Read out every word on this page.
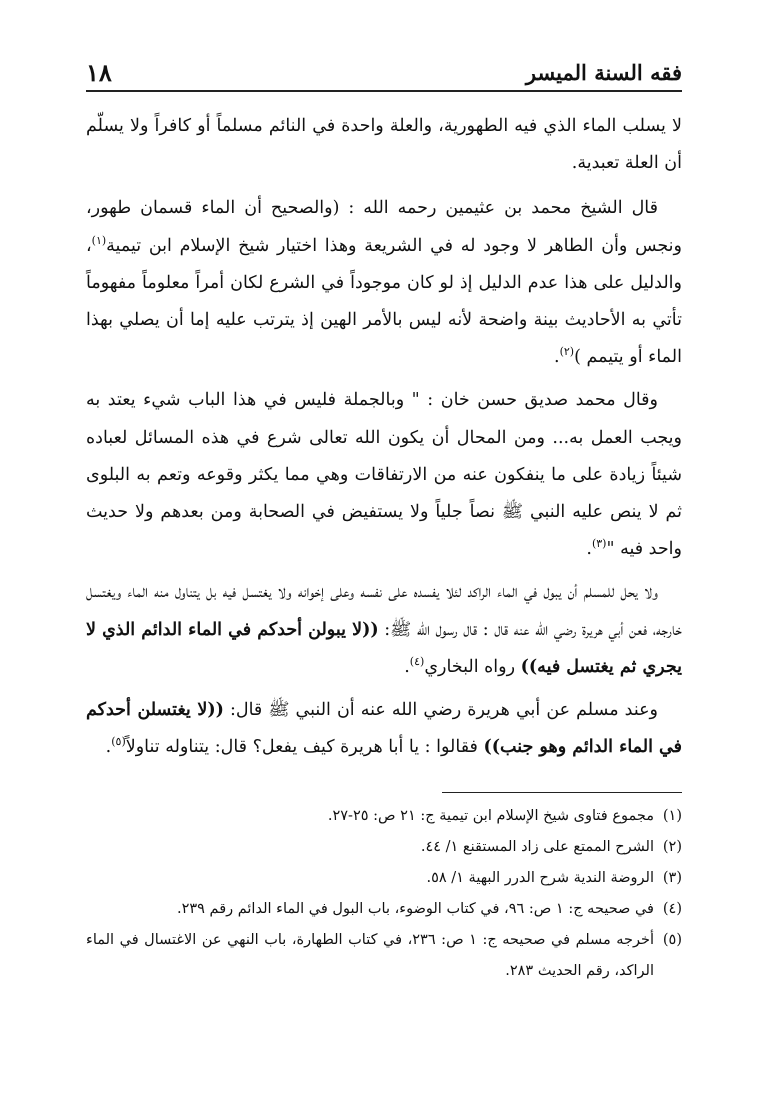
فقه السنة الميسر
١٨

لا يسلب الماء الذي فيه الطهورية، والعلة واحدة في النائم مسلماً أو كافراً ولا يسلّم أن العلة تعبدية.

قال الشيخ محمد بن عثيمين رحمه الله : (والصحيح أن الماء قسمان طهور، ونجس وأن الطاهر لا وجود له في الشريعة وهذا اختيار شيخ الإسلام ابن تيمية$^{(١)}$، والدليل على هذا عدم الدليل إذ لو كان موجوداً في الشرع لكان أمراً معلوماً مفهوماً تأتي به الأحاديث بينة واضحة لأنه ليس بالأمر الهين إذ يترتب عليه إما أن يصلي بهذا الماء أو يتيمم )$^{(٢)}$.

وقال محمد صديق حسن خان : " وبالجملة فليس في هذا الباب شيء يعتد به ويجب العمل به... ومن المحال أن يكون الله تعالى شرع في هذه المسائل لعباده شيئاً زيادة على ما ينفكون عنه من الارتفاقات وهي مما يكثر وقوعه وتعم به البلوى ثم لا ينص عليه النبي ﷺ نصاً جلياً ولا يستفيض في الصحابة ومن بعدهم ولا حديث واحد فيه "$^{(٣)}$.

ولا يحل للمسلم أن يبول في الماء الراكد لئلا يفسده على نفسه وعلى إخوانه ولا يغتسل فيه بل يتناول منه الماء ويغتسل خارجه، فعن أبي هريرة رضي الله عنه قال : قال رسول الله ﷺ: ((لا يبولن أحدكم في الماء الدائم الذي لا يجري ثم يغتسل فيه)) رواه البخاري$^{(٤)}$.

وعند مسلم عن أبي هريرة رضي الله عنه أن النبي ﷺ قال: ((لا يغتسلن أحدكم في الماء الدائم وهو جنب)) فقالوا : يا أبا هريرة كيف يفعل؟ قال: يتناوله تناولاً$^{(٥)}$.

(١)
مجموع فتاوى شيخ الإسلام ابن تيمية ج: ٢١ ص: ٢٥-٢٧.
(٢)
الشرح الممتع على زاد المستقنع ١/ ٤٤.
(٣)
الروضة الندية شرح الدرر البهية ١/ ٥٨.
(٤)
في صحيحه ج: ١ ص: ٩٦، في كتاب الوضوء، باب البول في الماء الدائم رقم ٢٣٩.
(٥)
أخرجه مسلم في صحيحه ج: ١ ص: ٢٣٦، في كتاب الطهارة، باب النهي عن الاغتسال في الماء الراكد، رقم الحديث ٢٨٣.
